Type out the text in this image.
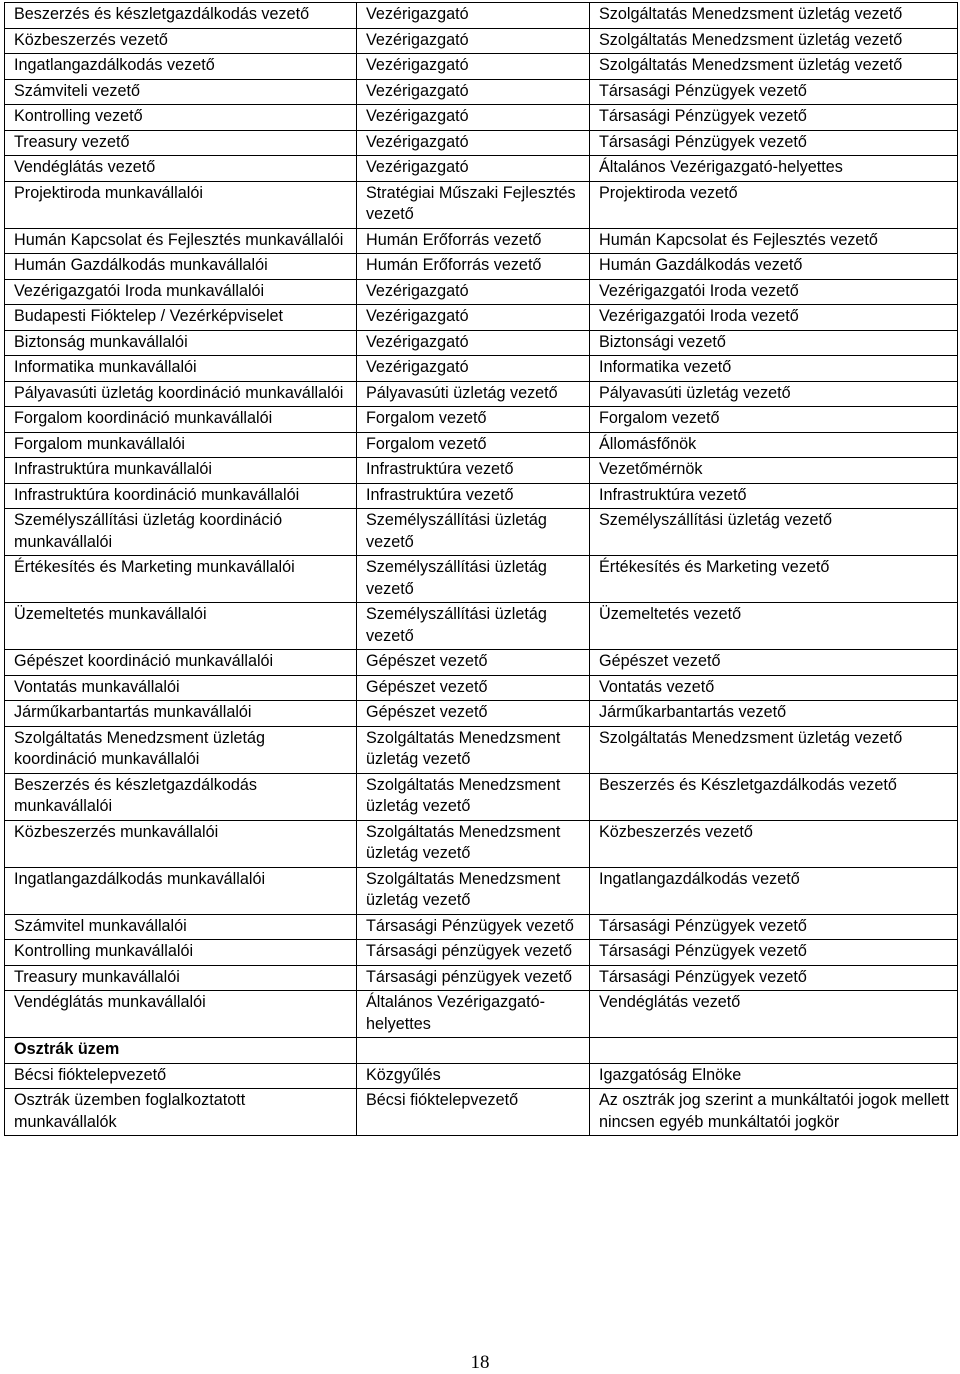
Beszerzés és készletgazdálkodás vezető	Vezérigazgató	Szolgáltatás Menedzsment üzletág vezető
Közbeszerzés vezető	Vezérigazgató	Szolgáltatás Menedzsment üzletág vezető
Ingatlangazdálkodás vezető	Vezérigazgató	Szolgáltatás Menedzsment üzletág vezető
Számviteli vezető	Vezérigazgató	Társasági Pénzügyek vezető
Kontrolling vezető	Vezérigazgató	Társasági Pénzügyek vezető
Treasury vezető	Vezérigazgató	Társasági Pénzügyek vezető
Vendéglátás vezető	Vezérigazgató	Általános Vezérigazgató-helyettes
Projektiroda munkavállalói	Stratégiai Műszaki Fejlesztés vezető	Projektiroda vezető
Humán Kapcsolat és Fejlesztés munkavállalói	Humán Erőforrás vezető	Humán Kapcsolat és Fejlesztés vezető
Humán Gazdálkodás munkavállalói	Humán Erőforrás vezető	Humán Gazdálkodás vezető
Vezérigazgatói Iroda munkavállalói	Vezérigazgató	Vezérigazgatói Iroda vezető
Budapesti Fióktelep / Vezérképviselet	Vezérigazgató	Vezérigazgatói Iroda vezető
Biztonság munkavállalói	Vezérigazgató	Biztonsági vezető
Informatika munkavállalói	Vezérigazgató	Informatika vezető
Pályavasúti üzletág koordináció munkavállalói	Pályavasúti üzletág vezető	Pályavasúti üzletág vezető
Forgalom koordináció munkavállalói	Forgalom vezető	Forgalom vezető
Forgalom munkavállalói	Forgalom vezető	Állomásfőnök
Infrastruktúra munkavállalói	Infrastruktúra vezető	Vezetőmérnök
Infrastruktúra koordináció munkavállalói	Infrastruktúra vezető	Infrastruktúra vezető
Személyszállítási üzletág koordináció munkavállalói	Személyszállítási üzletág vezető	Személyszállítási üzletág vezető
Értékesítés és Marketing munkavállalói	Személyszállítási üzletág vezető	Értékesítés és Marketing vezető
Üzemeltetés munkavállalói	Személyszállítási üzletág vezető	Üzemeltetés vezető
Gépészet koordináció munkavállalói	Gépészet vezető	Gépészet vezető
Vontatás munkavállalói	Gépészet vezető	Vontatás vezető
Járműkarbantartás munkavállalói	Gépészet vezető	Járműkarbantartás vezető
Szolgáltatás Menedzsment üzletág koordináció munkavállalói	Szolgáltatás Menedzsment üzletág vezető	Szolgáltatás Menedzsment üzletág vezető
Beszerzés és készletgazdálkodás munkavállalói	Szolgáltatás Menedzsment üzletág vezető	Beszerzés és Készletgazdálkodás vezető
Közbeszerzés munkavállalói	Szolgáltatás Menedzsment üzletág vezető	Közbeszerzés vezető
Ingatlangazdálkodás munkavállalói	Szolgáltatás Menedzsment üzletág vezető	Ingatlangazdálkodás vezető
Számvitel munkavállalói	Társasági Pénzügyek vezető	Társasági Pénzügyek vezető
Kontrolling munkavállalói	Társasági pénzügyek vezető	Társasági Pénzügyek vezető
Treasury munkavállalói	Társasági pénzügyek vezető	Társasági Pénzügyek vezető
Vendéglátás munkavállalói	Általános Vezérigazgató-helyettes	Vendéglátás vezető
Osztrák üzem		
Bécsi fióktelepvezető	Közgyűlés	Igazgatóság Elnöke
Osztrák üzemben foglalkoztatott munkavállalók	Bécsi fióktelepvezető	Az osztrák jog szerint a munkáltatói jogok mellett nincsen egyéb munkáltatói jogkör
18
